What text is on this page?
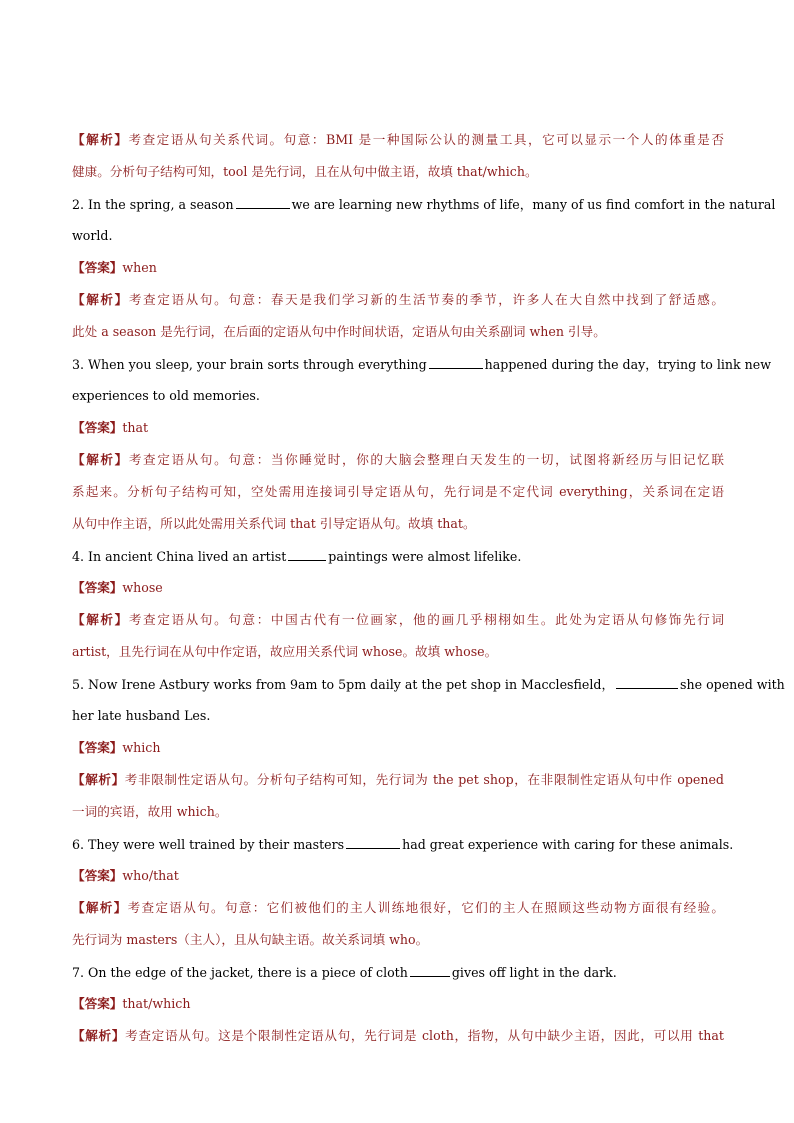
【解析】考查定语从句关系代词。句意：BMI 是一种国际公认的测量工具，它可以显示一个人的体重是否
健康。分析句子结构可知，tool 是先行词，且在从句中做主语，故填 that/which。
2. In the spring, a season	we are learning new rhythms of life，many of us find comfort in the natural
world.
【答案】when
【解析】考查定语从句。句意：春天是我们学习新的生活节奏的季节，许多人在大自然中找到了舒适感。
此处 a season 是先行词，在后面的定语从句中作时间状语，定语从句由关系副词 when 引导。
3. When you sleep, your brain sorts through everything	happened during the day，trying to link new
experiences to old memories.
【答案】that
【解析】考查定语从句。句意：当你睡觉时，你的大脑会整理白天发生的一切，试图将新经历与旧记忆联
系起来。分析句子结构可知，空处需用连接词引导定语从句，先行词是不定代词 everything，关系词在定语
从句中作主语，所以此处需用关系代词 that 引导定语从句。故填 that。
4. In ancient China lived an artist	paintings were almost lifelike.
【答案】whose
【解析】考查定语从句。句意：中国古代有一位画家，他的画几乎栩栩如生。此处为定语从句修饰先行词
artist，且先行词在从句中作定语，故应用关系代词 whose。故填 whose。
5. Now Irene Astbury works from 9am to 5pm daily at the pet shop in Macclesfield，	she opened with
her late husband Les.
【答案】which
【解析】考非限制性定语从句。分析句子结构可知，先行词为 the pet shop，在非限制性定语从句中作 opened
一词的宾语，故用 which。
6. They were well trained by their masters	had great experience with caring for these animals.
【答案】who/that
【解析】考查定语从句。句意：它们被他们的主人训练地很好，它们的主人在照顾这些动物方面很有经验。
先行词为 masters（主人），且从句缺主语。故关系词填 who。
7. On the edge of the jacket, there is a piece of cloth	gives off light in the dark.
【答案】that/which
【解析】考查定语从句。这是个限制性定语从句，先行词是 cloth，指物，从句中缺少主语，因此，可以用 that
